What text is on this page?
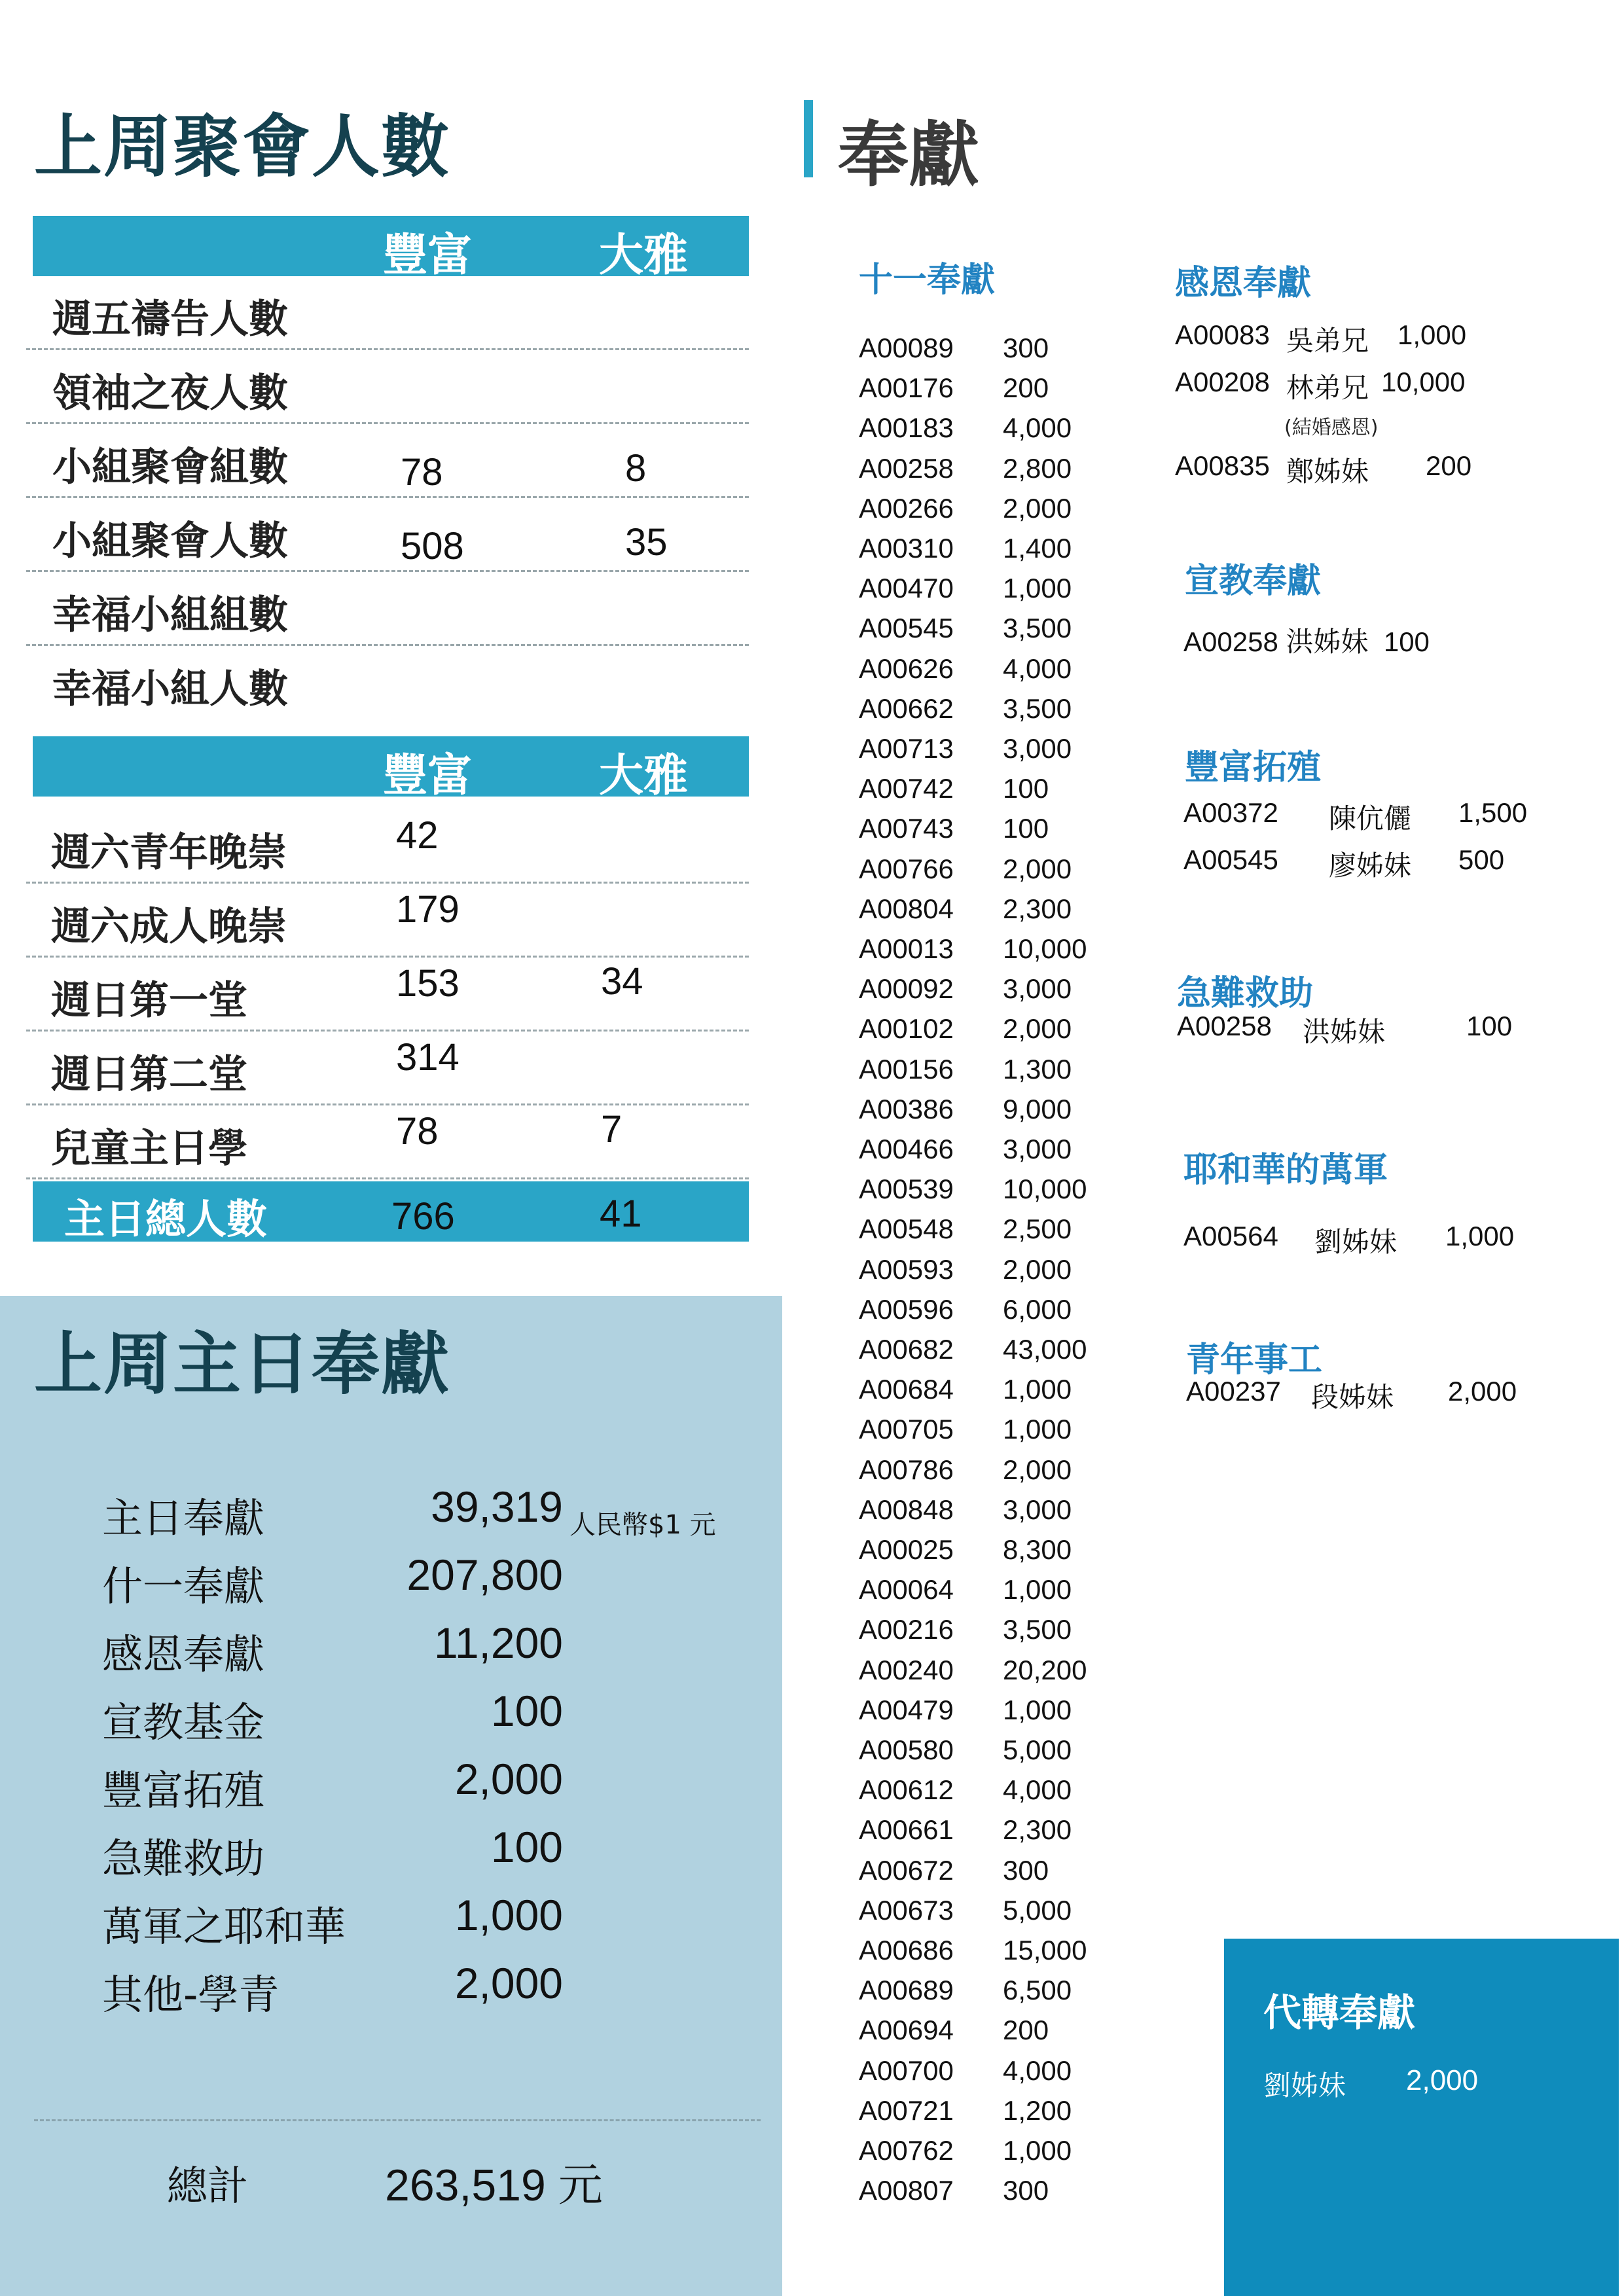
上周聚會人數
豐富	大雅
週五禱告人數
領袖之夜人數
小組聚會組數	78	8
小組聚會人數	508	35
幸福小組組數
幸福小組人數
豐富	大雅
週六青年晚崇	42
週六成人晚崇	179
週日第一堂	153	34
週日第二堂	314
兒童主日學	78	7
主日總人數	766	41
上周主日奉獻
主日奉獻	39,319
什一奉獻	207,800
感恩奉獻	11,200
宣教基金	100
豐富拓殖	2,000
急難救助	100
萬軍之耶和華	1,000
其他-學青	2,000
人民幣$1 元
總計	263,519 元
奉獻
十一奉獻
A00089 300
A00176 200
A00183 4,000
A00258 2,800
A00266 2,000
A00310 1,400
A00470 1,000
A00545 3,500
A00626 4,000
A00662 3,500
A00713 3,000
A00742 100
A00743 100
A00766 2,000
A00804 2,300
A00013 10,000
A00092 3,000
A00102 2,000
A00156 1,300
A00386 9,000
A00466 3,000
A00539 10,000
A00548 2,500
A00593 2,000
A00596 6,000
A00682 43,000
A00684 1,000
A00705 1,000
A00786 2,000
A00848 3,000
A00025 8,300
A00064 1,000
A00216 3,500
A00240 20,200
A00479 1,000
A00580 5,000
A00612 4,000
A00661 2,300
A00672 300
A00673 5,000
A00686 15,000
A00689 6,500
A00694 200
A00700 4,000
A00721 1,200
A00762 1,000
A00807 300
感恩奉獻
A00083 吳弟兄 1,000
A00208 林弟兄 10,000
A00835 鄭姊妹 200
(結婚感恩)
宣教奉獻
A00258 洪姊妹 100
豐富拓殖
A00372 陳伉儷 1,500
A00545 廖姊妹 500
急難救助
A00258 洪姊妹	100
耶和華的萬軍
A00564 劉姊妹 1,000
青年事工
A00237 段姊妹 2,000
代轉奉獻
劉姊妹 2,000
